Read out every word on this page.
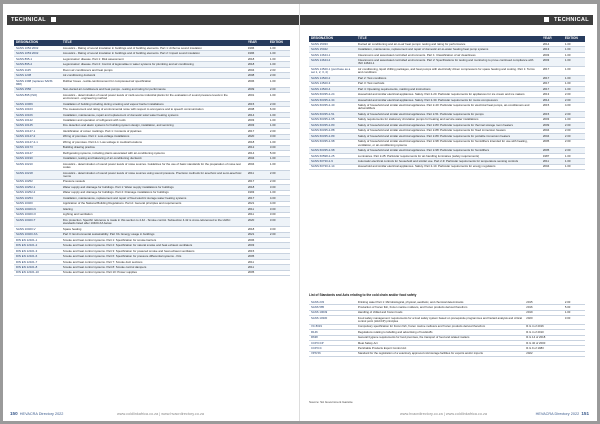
TECHNICAL
DESIGNATION	TITLE	YEAR	EDITION
SANS 1052:2002	Acoustics - Rating of sound insulation in buildings and of building elements. Part 1: Airborne sound insulation	1996	1.00
SANS 1053:2002	Acoustics - Rating of sound insulation in buildings and of building elements. Part 2: Impact sound insulation	1996	1.00
SANS 895-1	Legionnaires' disease. Part 1: Risk assessment	2018	1.00
SANS 895-2	Legionnaires' disease. Part 2: Control of legionellae in water systems for plumbing and air conditioning	2018	1.00
SANS 1125	Room air conditioners and heat pumps	2004	2.03
SANS 1238	Air-conditioning ductwork	2008	2.00
SANS 1398 (replaces SANS 968)	Rubber hoses - textile-reinforcement for compressed air specification	2006	1.00
SANS 1556	Non-ducted air conditioners and heat pumps - testing and rating for performance	2009	2.00
SANS 895 (ISO)	Acoustics - determination of sound power levels of multi-source industrial plants for the evaluation of sound pressure levels in the environment - engineering method	2001	1.00
SANS 10069	Installation of building including during smoking and vapour barrier installations	2015	2.00
SANS 10103	The measurement and rating of environmental noise with respect to annoyance and to speech communication	2008	6.00
SANS 10106	Installation, maintenance, repair and replacement of domestic solar water heating systems	2014	1.00
SANS 10142	Installation and operation of refrigerant with roofs	2003	1.00
SANS 10145	Fire detection and alarm systems for building system design, installation, and servicing	2003	1.00
SANS 10147-1	Identification of colour markings. Part 1: Contents of pipelines	2017	2.00
SANS 10147-2	Wiring of premises. Part 1: Low-voltage installations	2020	3.00
SANS 10147-2-1	Wiring of premises. Part 2-1: Low-voltage in medical locations	2018	1.00
SANS 10173	Building drawing practice	2012	3.00
SANS 10147	Refrigerating systems, including plants associated with air-conditioning systems	2014	5.00
SANS 10190	Installation, testing and balancing of air-conditioning ductwork	2004	1.00
SANS 10210	Acoustics - determination of sound power levels of noise sources. Guidelines for the use of basic standards for the preparation of noise test codes	2004	1.00
SANS 10218	Acoustics - determination of sound power levels of noise sources using sound pressure. Precision methods for anechoic and semi-anechoic rooms	2011	2.00
SANS 10252	Pressure vessels	2017	2.00
SANS 10252-1	Water supply and drainage for buildings. Part 1: Water supply installations for buildings	2018	3.00
SANS 10252-2	Water supply and drainage for buildings. Part 2: Drainage installations for buildings	1993	1.00
SANS 10254	Installation, maintenance, replacement and repair of fixed electric storage water heating systems	2017	4.00
SANS 10400	Application of the National Building Regulations. Part A: General principles and requirements	2021	4.00
SANS 10400-N	Glazing	2011	3.00
SANS 10400-O	Lighting and ventilation	2011	3.00
SANS 10400-T	Fire protection. Specific reference is made in this section to 4.42 - Smoke control. Subsection 4.42 is cross-referenced to the HVAC standards listed after 10400-XA below	2020	3.00
SANS 10400-V	Space heating	2018	3.00
SANS 10400-XA	Part X: Environmental sustainability. Part XA: Energy usage in buildings	2021	2.00
DIN EN 12101-1	Smoke and heat control systems. Part 1: Specification for smoke barriers	2006	
DIN EN 12101-2	Smoke and heat control systems. Part 2: Specification for natural smoke and heat exhaust ventilators	2003	
DIN EN 12101-3	Smoke and heat control systems. Part 3: Specification for powered smoke and heat exhaust ventilators	2015	
DIN EN 12101-6	Smoke and heat control systems. Part 6: Specification for pressure differential systems - Kits	2005	
DIN EN 12101-7	Smoke and heat control systems. Part 7: Smoke duct sections	2011	
DIN EN 12101-8	Smoke and heat control systems. Part 8: Smoke control dampers	2011	
DIN EN 12101-10	Smoke and heat control systems. Part 10: Power supplies	2005	
150 HEVACRA Directory 2022	www.coldlinkafrica.co.za | www.hvacrdirectory.co.za
TECHNICAL
DESIGNATION	TITLE	YEAR	EDITION
SANS 15033	Ducted air conditioning and air-to-air heat pumps: testing and rating for performance	2014	1.00
SANS 15042	Installation, maintenance, replacement and repair of domestic air-to-water heating heat pump systems	2013	1.00
SANS 14644-1	Cleanrooms and associated controlled environments. Part 1: Classification of air cleanliness	2003	1.00
SANS 14644-2	Cleanrooms and associated controlled environments. Part 2: Specifications for testing and monitoring to prove continued compliance with ISO 14644-1	2003	1.00
SANS 14520-1 (purchase as a set 1, 2, 3, 4)	Air conditioning, liquid chilling packages, and heat pumps with electrically driven compressors for space heating and cooling. Part 1: Terms and conditions	2017	1.00
SANS 14520-2	Part 2: Test conditions	2017	1.00
SANS 14520-3	Part 3: Test methods	2017	1.00
SANS 14520-4	Part 4: Operating requirements, marking and instructions	2017	1.00
SANS 60335-2-24	Household and similar electrical appliances. Safety. Part 2-24: Particular requirements for appliances for ice cream and ice makers	2013	2.00
SANS 60335-2-34	Household and similar electrical appliances. Safety. Part 2-34: Particular requirements for motor-compressors	2014	2.00
SANS 60335-2-40	Safety of household and similar electrical appliances. Part 2-40: Particular requirements for electrical heat pumps, air-conditioners and dehumidifiers	2015	4.00
SANS 60335-2-51	Safety of household and similar electrical appliances. Part 2-51: Particular requirements for pumps	2015	2.00
SANS 60335-2-65	Safety requirements for stationary circulation pumps for heating and service water installations	2003	1.00
SANS 60335-2-80	Safety of household and similar electrical appliances. Part 2-80: Particular requirements for thermal storage room heaters	2009	2.00
SANS 60335-2-88	Safety of household and similar electrical appliances. Part 2-88: Particular requirements for fixed immersion heaters	2004	2.00
SANS 60335-2-89	Safety of household and similar electrical appliances. Part 2-89: Particular requirements for portable immersion heaters	2004	2.00
SANS 60335-2-98	Safety of household and similar electrical appliances. Part 2-98: Particular requirements for humidifiers intended for use with heating, ventilation, or air-conditioning systems	2005	2.00
SANS 60335-2-98	Safety of household and similar electrical appliances. Part 2-98: Particular requirements for humidifiers	2005	2.00
SANS 60598-2-25	Luminaires. Part 2-25: Particular requirements for air-handling luminaires (safety requirements)	1987	1.00
SANS 60730-2-9	Automatic electrical controls for household and similar use. Part 2-9: Particular requirements for temperature sensing controls	2011	1.00
SANS 60730-2-14	Household and similar electrical appliances. Safety. Part 2-14: Particular requirements for energy regulators	2004	1.00
List of Standards and Acts relating to the cold chain and/or food safety
SANS 233	Drinking water Part 1: Microbiological, physical, aesthetic, and chemical determinants	2015	2.00
SANS 585	Production of frozen fish, frozen marine molluscs, and frozen products derived therefrom	2016	5.00
SANS 10049	Handling of chilled and frozen foods	2019	1.00
SANS 10330	Food safety management: requirements for a food safety system based on prerequisite programmes and hazard analysis and critical control point (HACCP) principles	2020	3.00
VC 8019	Compulsory specification for frozen fish, frozen marine molluscs and frozen products derived therefrom	R.G 4 of 2016	
R146	Regulations relating to labelling and advertising of foodstuffs	R.G 4 of 2010	
R638	General hygiene requirements for food premises, the transport of food and related matters	R.G 14 of 2018	
CCP/CCP	Meat Safety Act	R.G 40 of 2000	
CCP/CC	Perishable Products Export Control Act	R.G 9 of 1983	
VPN 56	Standard for the registration of a veterinary approved cold storage facilities for exports and/or imports	2022	
Source: SA Government Gazette
www.hvacrdirectory.co.za | www.coldlinkafrica.co.za	HEVACRA Directory 2022 151
